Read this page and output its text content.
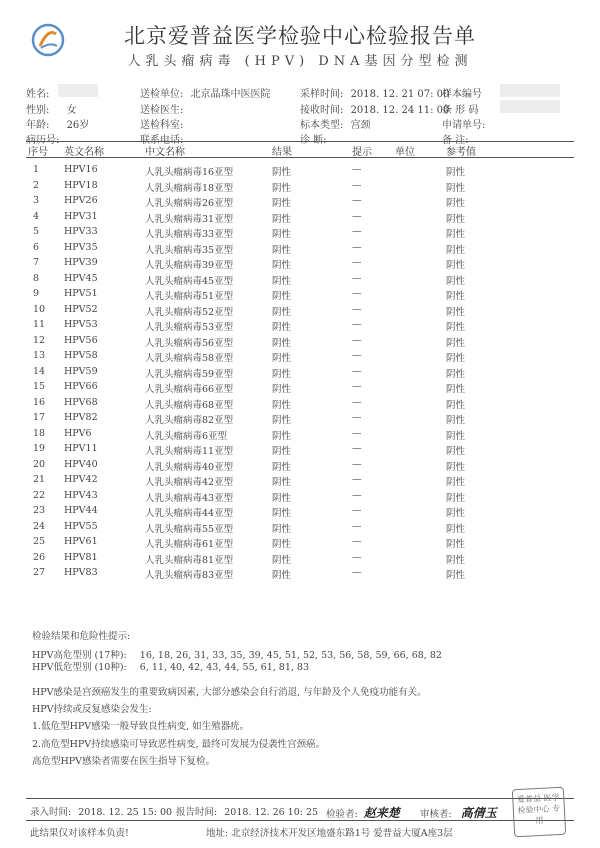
北京爱普益医学检验中心检验报告单
人乳头瘤病毒 (HPV) DNA基因分型检测
姓名:
性别: 女
年龄: 26岁
病历号:
送检单位: 北京晶珠中医医院
送检医生:
送检科室:
联系电话:
采样时间: 2018. 12. 21 07: 00
接收时间: 2018. 12. 24 11: 00
标本类型: 宫颈
诊 断:
样本编号
条 形 码
申请单号:
备 注:
序号 英文名称	中文名称	结果	提示 单位	参考值
1	HPV16	人乳头瘤病毒16亚型	阴性	—	阴性
2	HPV18	人乳头瘤病毒18亚型	阴性	—	阴性
3	HPV26	人乳头瘤病毒26亚型	阴性	—	阴性
4	HPV31	人乳头瘤病毒31亚型	阴性	—	阴性
5	HPV33	人乳头瘤病毒33亚型	阴性	—	阴性
6	HPV35	人乳头瘤病毒35亚型	阴性	—	阴性
7	HPV39	人乳头瘤病毒39亚型	阴性	—	阴性
8	HPV45	人乳头瘤病毒45亚型	阴性	—	阴性
9	HPV51	人乳头瘤病毒51亚型	阴性	—	阴性
10 HPV52	人乳头瘤病毒52亚型	阴性	—	阴性
11 HPV53	人乳头瘤病毒53亚型	阴性	—	阴性
12 HPV56	人乳头瘤病毒56亚型	阴性	—	阴性
13 HPV58	人乳头瘤病毒58亚型	阴性	—	阴性
14 HPV59	人乳头瘤病毒59亚型	阴性	—	阴性
15 HPV66	人乳头瘤病毒66亚型	阴性	—	阴性
16 HPV68	人乳头瘤病毒68亚型	阴性	—	阴性
17 HPV82	人乳头瘤病毒82亚型	阴性	—	阴性
18 HPV6	人乳头瘤病毒6亚型	阴性	—	阴性
19 HPV11	人乳头瘤病毒11亚型	阴性	—	阴性
20 HPV40	人乳头瘤病毒40亚型	阴性	—	阴性
21 HPV42	人乳头瘤病毒42亚型	阴性	—	阴性
22 HPV43	人乳头瘤病毒43亚型	阴性	—	阴性
23 HPV44	人乳头瘤病毒44亚型	阴性	—	阴性
24 HPV55	人乳头瘤病毒55亚型	阴性	—	阴性
25 HPV61	人乳头瘤病毒61亚型	阴性	—	阴性
26 HPV81	人乳头瘤病毒81亚型	阴性	—	阴性
27 HPV83	人乳头瘤病毒83亚型	阴性	—	阴性
检验结果和危险性提示:
HPV高危型别 (17种): 16, 18, 26, 31, 33, 35, 39, 45, 51, 52, 53, 56, 58, 59, 66, 68, 82
HPV低危型别 (10种): 6, 11, 40, 42, 43, 44, 55, 61, 81, 83
HPV感染是宫颈癌发生的重要致病因素, 大部分感染会自行消退, 与年龄及个人免疫功能有关。
HPV持续或反复感染会发生:
1.低危型HPV感染一般导致良性病变, 如生殖器疣。
2.高危型HPV持续感染可导致恶性病变, 最终可发展为侵袭性宫颈癌。
高危型HPV感染者需要在医生指导下复检。
录入时间: 2018. 12. 25 15: 00 报告时间: 2018. 12. 26 10: 25 检验者: 赵来楚 审核者: 高倩玉
爱普益 医学检验中心 专用
此结果仅对该样本负责!	地址: 北京经济技术开发区地盛东路1号 爱普益大厦A座3层
